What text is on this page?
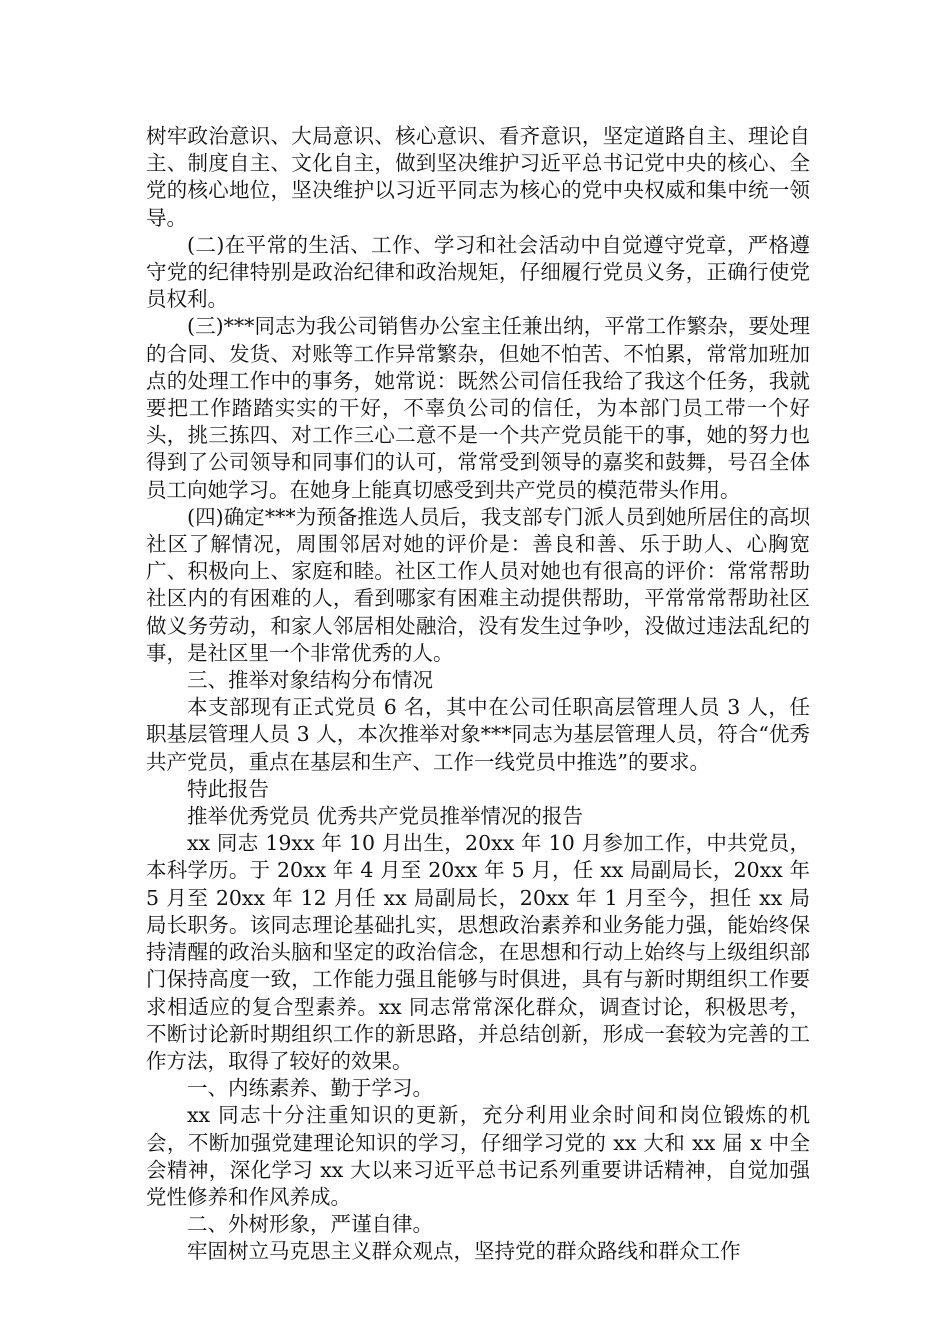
树牢政治意识、大局意识、核心意识、看齐意识，坚定道路自主、理论自主、制度自主、文化自主，做到坚决维护习近平总书记党中央的核心、全党的核心地位，坚决维护以习近平同志为核心的党中央权威和集中统一领导。

(二)在平常的生活、工作、学习和社会活动中自觉遵守党章，严格遵守党的纪律特别是政治纪律和政治规矩，仔细履行党员义务，正确行使党员权利。

(三)***同志为我公司销售办公室主任兼出纳，平常工作繁杂，要处理的合同、发货、对账等工作异常繁杂，但她不怕苦、不怕累，常常加班加点的处理工作中的事务，她常说：既然公司信任我给了我这个任务，我就要把工作踏踏实实的干好，不辜负公司的信任，为本部门员工带一个好头，挑三拣四、对工作三心二意不是一个共产党员能干的事，她的努力也得到了公司领导和同事们的认可，常常受到领导的嘉奖和鼓舞，号召全体员工向她学习。在她身上能真切感受到共产党员的模范带头作用。

(四)确定***为预备推选人员后，我支部专门派人员到她所居住的高坝社区了解情况，周围邻居对她的评价是：善良和善、乐于助人、心胸宽广、积极向上、家庭和睦。社区工作人员对她也有很高的评价：常常帮助社区内的有困难的人，看到哪家有困难主动提供帮助，平常常常帮助社区做义务劳动，和家人邻居相处融洽，没有发生过争吵，没做过违法乱纪的事，是社区里一个非常优秀的人。

三、推举对象结构分布情况

本支部现有正式党员 6 名，其中在公司任职高层管理人员 3 人，任职基层管理人员 3 人，本次推举对象***同志为基层管理人员，符合“优秀共产党员，重点在基层和生产、工作一线党员中推选”的要求。

特此报告

推举优秀党员 优秀共产党员推举情况的报告

xx 同志 19xx 年 10 月出生，20xx 年 10 月参加工作，中共党员，本科学历。于 20xx 年 4 月至 20xx 年 5 月，任 xx 局副局长，20xx 年 5 月至 20xx 年 12 月任 xx 局副局长，20xx 年 1 月至今，担任 xx 局局长职务。该同志理论基础扎实，思想政治素养和业务能力强，能始终保持清醒的政治头脑和坚定的政治信念，在思想和行动上始终与上级组织部门保持高度一致，工作能力强且能够与时俱进，具有与新时期组织工作要求相适应的复合型素养。xx 同志常常深化群众，调查讨论，积极思考，不断讨论新时期组织工作的新思路，并总结创新，形成一套较为完善的工作方法，取得了较好的效果。

一、内练素养、勤于学习。

xx 同志十分注重知识的更新，充分利用业余时间和岗位锻炼的机会，不断加强党建理论知识的学习，仔细学习党的 xx 大和 xx 届 x 中全会精神，深化学习 xx 大以来习近平总书记系列重要讲话精神，自觉加强党性修养和作风养成。

二、外树形象，严谨自律。

牢固树立马克思主义群众观点，坚持党的群众路线和群众工作
